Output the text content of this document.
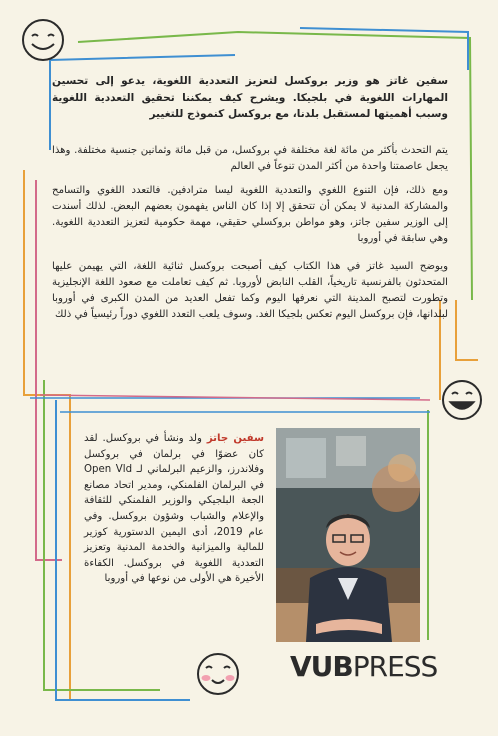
سفين غاتز هو وزير بروكسل لتعزيز التعددية اللغوية، يدعو إلى تحسين المهارات اللغوية في بلجيكا. ويشرح كيف يمكننا تحقيق التعددية اللغوية وسبب أهميتها لمستقبل بلدنا، مع بروكسل كنموذج للتغيير

يتم التحدث بأكثر من مائة لغة مختلفة في بروكسل، من قبل مائة وثمانين جنسية مختلفة. وهذا يجعل عاصمتنا واحدة من أكثر المدن تنوعاً في العالم

ومع ذلك، فإن التنوع اللغوي والتعددية اللغوية ليسا مترادفين. فالتعدد اللغوي والتسامح والمشاركة المدنية لا يمكن أن تتحقق إلا إذا كان الناس يفهمون بعضهم البعض. لذلك أسندت إلى الوزير سفين جاتز، وهو مواطن بروكسلي حقيقي، مهمة حكومية لتعزيز التعددية اللغوية. وهي سابقة في أوروبا

ويوضح السيد غاتز في هذا الكتاب كيف أصبحت بروكسل ثنائية اللغة، التي يهيمن عليها المتحدثون بالفرنسية تاريخياً، القلب النابض لأوروبا. ثم كيف تعاملت مع صعود اللغة الإنجليزية وتطورت لتصبح المدينة التي نعرفها اليوم وكما تفعل العديد من المدن الكبرى في أوروبا لبلدانها، فإن بروكسل اليوم تعكس بلجيكا الغد. وسوف يلعب التعدد اللغوي دوراً رئيسياً في ذلك

سفين جاتز ولد ونشأ في بروكسل. لقد كان عضوًا في برلمان في بروكسل وفلاندرز، والزعيم البرلماني لـ Open Vld في البرلمان الفلمنكي، ومدير اتحاد مصانع الجعة البلجيكي والوزير الفلمنكي للثقافة والإعلام والشباب وشؤون بروكسل. وفي عام 2019، أدى اليمين الدستورية كوزير للمالية والميزانية والخدمة المدنية وتعزيز التعددية اللغوية في بروكسل. الكفاءة الأخيرة هي الأولى من نوعها في أوروبا

VUBPRESS
